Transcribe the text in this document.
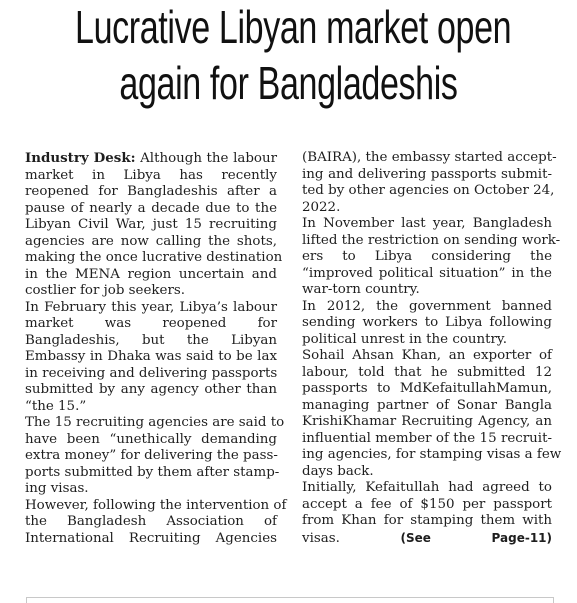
Lucrative Libyan market open
again for Bangladeshis

Industry Desk: Although the labour
market in Libya has recently
reopened for Bangladeshis after a
pause of nearly a decade due to the
Libyan Civil War, just 15 recruiting
agencies are now calling the shots,
making the once lucrative destination
in the MENA region uncertain and
costlier for job seekers.

In February this year, Libya’s labour
market was reopened for
Bangladeshis, but the Libyan
Embassy in Dhaka was said to be lax
in receiving and delivering passports
submitted by any agency other than
“the 15.”

The 15 recruiting agencies are said to
have been “unethically demanding
extra money” for delivering the pass-
ports submitted by them after stamp-
ing visas.

However, following the intervention of
the Bangladesh Association of
International Recruiting Agencies

(BAIRA), the embassy started accept-
ing and delivering passports submit-
ted by other agencies on October 24,
2022.

In November last year, Bangladesh
lifted the restriction on sending work-
ers to Libya considering the
“improved political situation” in the
war-torn country.

In 2012, the government banned
sending workers to Libya following
political unrest in the country.

Sohail Ahsan Khan, an exporter of
labour, told that he submitted 12
passports to MdKefaitullahMamun,
managing partner of Sonar Bangla
KrishiKhamar Recruiting Agency, an
influential member of the 15 recruit-
ing agencies, for stamping visas a few
days back.

Initially, Kefaitullah had agreed to
accept a fee of $150 per passport
from Khan for stamping them with
visas.	(See Page-11)
